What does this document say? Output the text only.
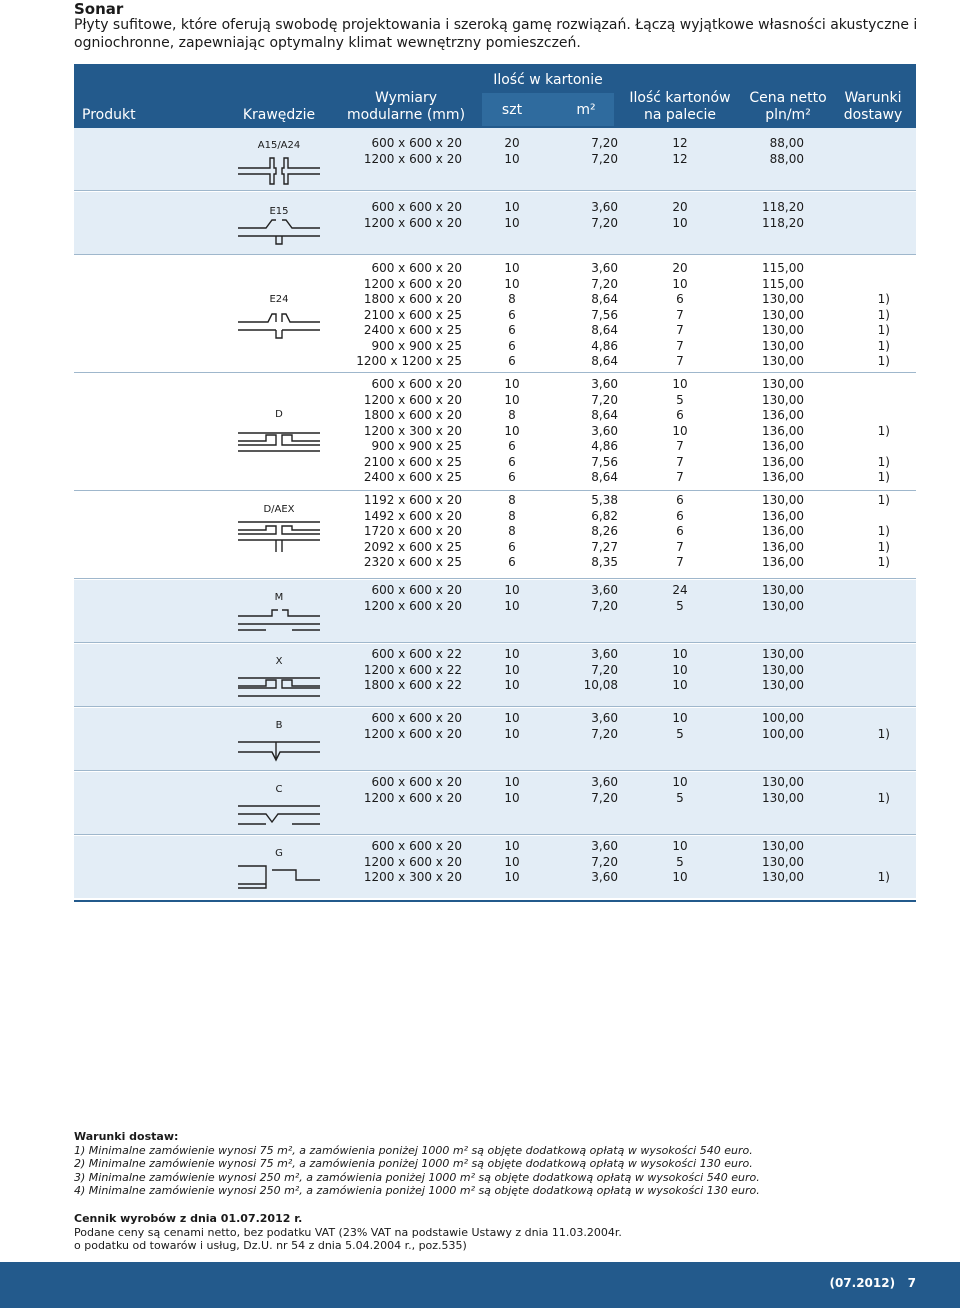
Sonar
Płyty sufitowe, które oferują swobodę projektowania i szeroką gamę rozwiązań. Łączą wyjątkowe własności akustyczne i ogniochronne, zapewniając optymalny klimat wewnętrzny pomieszczeń.
Produkt	Krawędzie
Wymiary
modularne (mm)
Ilość w kartonie
szt	m²
Ilość kartonów
na palecie
Cena netto
pln/m²
Warunki
dostawy
A15/A24	600 x 600 x 20	20	7,20	12	88,00
1200 x 600 x 20	10	7,20	12	88,00
E15	600 x 600 x 20	10	3,60	20	118,20
1200 x 600 x 20	10	7,20	10	118,20
E24
600 x 600 x 20	10	3,60	20	115,00
1200 x 600 x 20	10	7,20	10	115,00
1800 x 600 x 20	8	8,64	6	130,00	1)
2100 x 600 x 25	6	7,56	7	130,00	1)
2400 x 600 x 25	6	8,64	7	130,00	1)
900 x 900 x 25	6	4,86	7	130,00	1)
1200 x 1200 x 25	6	8,64	7	130,00	1)
D
600 x 600 x 20	10	3,60	10	130,00
1200 x 600 x 20	10	7,20	5	130,00
1800 x 600 x 20	8	8,64	6	136,00
1200 x 300 x 20	10	3,60	10	136,00	1)
900 x 900 x 25	6	4,86	7	136,00
2100 x 600 x 25	6	7,56	7	136,00	1)
2400 x 600 x 25	6	8,64	7	136,00	1)
D/AEX
1192 x 600 x 20	8	5,38	6	130,00	1)
1492 x 600 x 20	8	6,82	6	136,00
1720 x 600 x 20	8	8,26	6	136,00	1)
2092 x 600 x 25	6	7,27	7	136,00	1)
2320 x 600 x 25	6	8,35	7	136,00	1)
M
600 x 600 x 20	10	3,60	24	130,00
1200 x 600 x 20	10	7,20	5	130,00
X
600 x 600 x 22	10	3,60	10	130,00
1200 x 600 x 22	10	7,20	10	130,00
1800 x 600 x 22	10	10,08	10	130,00
B
600 x 600 x 20	10	3,60	10	100,00
1200 x 600 x 20	10	7,20	5	100,00	1)
C
600 x 600 x 20	10	3,60	10	130,00
1200 x 600 x 20	10	7,20	5	130,00	1)
G
600 x 600 x 20	10	3,60	10	130,00
1200 x 600 x 20	10	7,20	5	130,00
1200 x 300 x 20	10	3,60	10	130,00	1)
Warunki dostaw:
1) Minimalne zamówienie wynosi 75 m², a zamówienia poniżej 1000 m² są objęte dodatkową opłatą w wysokości 540 euro.
2) Minimalne zamówienie wynosi 75 m², a zamówienia poniżej 1000 m² są objęte dodatkową opłatą w wysokości 130 euro.
3) Minimalne zamówienie wynosi 250 m², a zamówienia poniżej 1000 m² są objęte dodatkową opłatą w wysokości 540 euro.
4) Minimalne zamówienie wynosi 250 m², a zamówienia poniżej 1000 m² są objęte dodatkową opłatą w wysokości 130 euro.
Cennik wyrobów z dnia 01.07.2012 r.
Podane ceny są cenami netto, bez podatku VAT (23% VAT na podstawie Ustawy z dnia 11.03.2004r.
o podatku od towarów i usług, Dz.U. nr 54 z dnia 5.04.2004 r., poz.535)
(07.2012) 7
